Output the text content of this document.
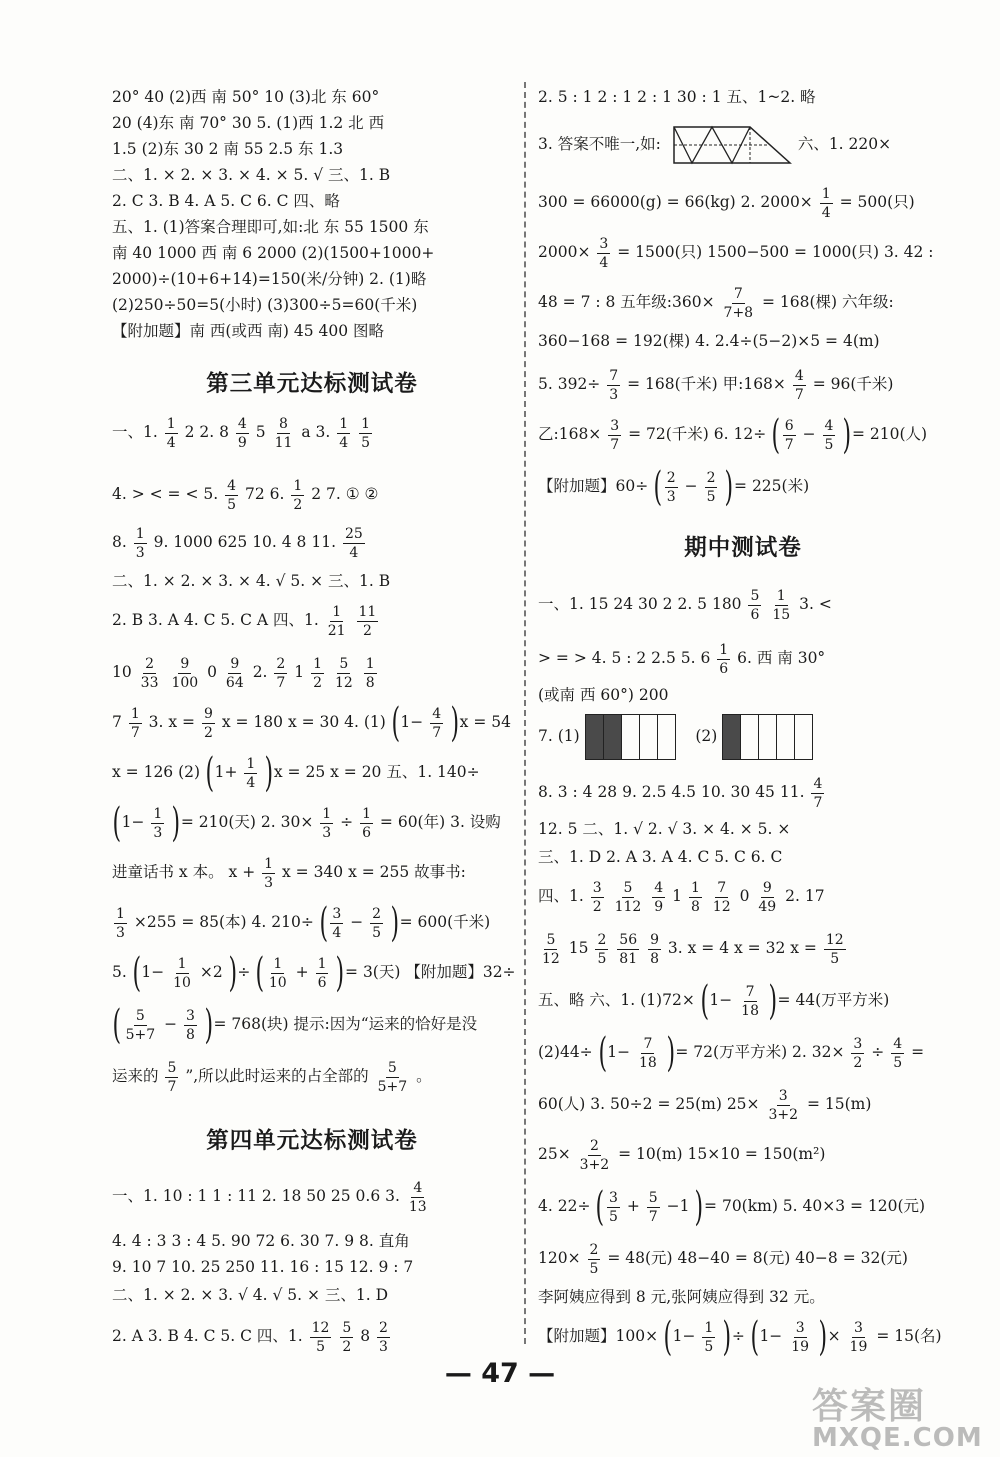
20° 40 (2)西 南 50° 10 (3)北 东 60°
20 (4)东 南 70° 30 5. (1)西 1.2 北 西
1.5 (2)东 30 2 南 55 2.5 东 1.3
二、1. × 2. × 3. × 4. × 5. √ 三、1. B
2. C 3. B 4. A 5. C 6. C 四、略
五、1. (1)答案合理即可,如:北 东 55 1500 东
南 40 1000 西 南 6 2000 (2)(1500+1000+
2000)÷(10+6+14)=150(米/分钟) 2. (1)略
(2)250÷50=5(小时) (3)300÷5=60(千米)
【附加题】南 西(或西 南) 45 400 图略
第三单元达标测试卷
一、1. $\frac{1}{4} 2$ 2. $8 \frac{4}{9} 5 \frac{8}{11}$ a 3. $\frac{1}{4}$
$\frac{1}{5}$
4. > < = < 5. $\frac{4}{5} 72$ 6. $\frac{1}{2} 2$ 7. ① ②
8. $\frac{1}{3} 9$. 1000 625 10. 4 8 11. $\frac{25}{4}$
二、1. × 2. × 3. × 4. √ 5. × 三、1. B
2. B 3. A 4. C 5. C A 四、1. $\frac{1}{21}$
$\frac{11}{2}$
$10 \frac{2}{33}$
$\frac{9}{100} 0 \frac{9}{64} 2$. $\frac{2}{7} 1 \frac{1}{2}$
$\frac{5}{12}$
$\frac{1}{8}$
$7 \frac{1}{7} 3$. $x = \frac{9}{2}$ x = 180 x = 30 4. (1) $(1- \frac{4}{7} )x = 54$
x = 126 (2) $(1+ \frac{1}{4} )x = 25$ x = 20 五、1. 140÷
($1- \frac{1}{3}$ )= 210(天) 2. $30\times \frac{1}{3} \div \frac{1}{6} = 60$(年) 3. 设购
进童话书 x 本。 $x + \frac{1}{3}$ x = 340 x = 255 故事书:
$\frac{1}{3} \times 255 = 85$(本) 4. 210÷ ( $\frac{3}{4} - \frac{2}{5}$ )= 600(千米)
5. ($1- \frac{1}{10} \times 2$ )÷ ( $\frac{1}{10} + \frac{1}{6}$ )= 3(天) 【附加题】32÷
( $\frac{5}{5+7} - \frac{3}{8}$ )= 768(块) 提示:因为“运来的恰好是没
运来的 $\frac{5}{7}$ ”,所以此时运来的占全部的 $\frac{5}{5+7}$ 。
第四单元达标测试卷
一、1. 10 : 1 1 : 11 2. 18 50 25 0.6 3. $\frac{4}{13}$
4. 4 : 3 3 : 4 5. 90 72 6. 30 7. 9 8. 直角
9. 10 7 10. 25 250 11. 16 : 15 12. 9 : 7
二、1. × 2. × 3. √ 4. √ 5. × 三、1. D
2. A 3. B 4. C 5. C 四、1. $\frac{12}{5}$
$\frac{5}{2} 8 \frac{2}{3}$
2. 5 : 1 2 : 1 2 : 1 30 : 1 五、1~2. 略
3. 答案不唯一,如:	六、1. 220×
300 = 66000(g) = 66(kg) 2. $2000\times \frac{1}{4} = 500$(只)
$2000\times \frac{3}{4} = 1500$(只) 1500−500 = 1000(只) 3. 42 :
48 = 7 : 8 五年级:360× $\frac{7}{7+8} = 168$(棵) 六年级:
360−168 = 192(棵) 4. 2.4÷(5−2)×5 = 4(m)
5. $392\div \frac{7}{3} = 168$(千米) 甲:168× $\frac{4}{7} = 96$(千米)
乙:168× $\frac{3}{7} = 72$(千米) 6. 12÷ ( $\frac{6}{7} - \frac{4}{5}$ )= 210(人)
【附加题】60÷ ( $\frac{2}{3} - \frac{2}{5}$ )= 225(米)
期中测试卷
一、1. 15 24 30 2 2. 5 $180 \frac{5}{6}$
$\frac{1}{15} 3$. <
> = > 4. 5 : 2 2.5 5. $6 \frac{1}{6} 6$. 西 南 30°
(或南 西 60°) 200
7. (1)	(2)
8. 3 : 4 28 9. 2.5 4.5 10. 30 45 11. $\frac{4}{7}$
12. 5 二、1. √ 2. √ 3. × 4. × 5. ×
三、1. D 2. A 3. A 4. C 5. C 6. C
四、1. $\frac{3}{2}$
$\frac{5}{112}$
$\frac{4}{9} 1 \frac{1}{8}$
$\frac{7}{12} 0 \frac{9}{49} 2$. 17
$\frac{5}{12} 15 \frac{2}{5}$
$\frac{56}{81}$
$\frac{9}{8} 3$. x = 4 x = 32 $x = \frac{12}{5}$
五、略 六、1. $(1)72\times (1- \frac{7}{18}$ )= 44(万平方米)
$(2)44\div (1- \frac{7}{18}$ )= 72(万平方米) 2. $32\times \frac{3}{2} \div \frac{4}{5}$ =
60(人) 3. 50÷2 = 25(m) $25\times \frac{3}{3+2} = 15(m)$
$25\times \frac{2}{3+2} = 10(m) 15\times 10 = 150(m^2)$
4. 22÷ ( $\frac{3}{5} + \frac{5}{7} -1$ )= 70(km) 5. 40×3 = 120(元)
$120\times \frac{2}{5} = 48$(元) 48−40 = 8(元) 40−8 = 32(元)
李阿姨应得到 8 元,张阿姨应得到 32 元。
【附加题】$100\times (1- \frac{1}{5}$ )÷ ($1- \frac{3}{19}$ )× $\frac{3}{19} = 15$(名)
— 47 —
答案圈
MXQE.COM
